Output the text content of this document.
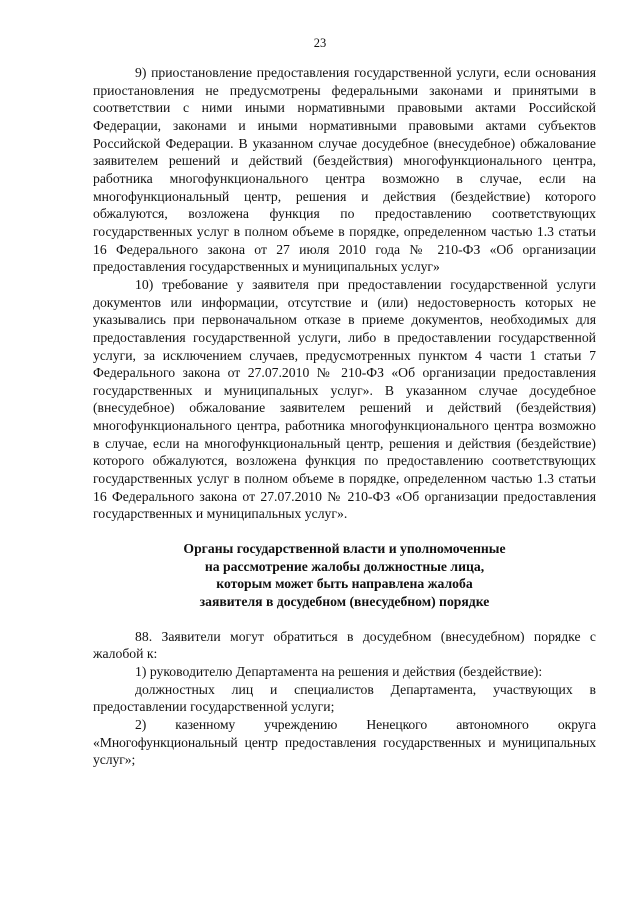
23

9) приостановление предоставления государственной услуги, если основания приостановления не предусмотрены федеральными законами и принятыми в соответствии с ними иными нормативными правовыми актами Российской Федерации, законами и иными нормативными правовыми актами субъектов Российской Федерации. В указанном случае досудебное (внесудебное) обжалование заявителем решений и действий (бездействия) многофункционального центра, работника многофункционального центра возможно в случае, если на многофункциональный центр, решения и действия (бездействие) которого обжалуются, возложена функция по предоставлению соответствующих государственных услуг в полном объеме в порядке, определенном частью 1.3 статьи 16 Федерального закона от 27 июля 2010 года № 210-ФЗ «Об организации предоставления государственных и муниципальных услуг»

10) требование у заявителя при предоставлении государственной услуги документов или информации, отсутствие и (или) недостоверность которых не указывались при первоначальном отказе в приеме документов, необходимых для предоставления государственной услуги, либо в предоставлении государственной услуги, за исключением случаев, предусмотренных пунктом 4 части 1 статьи 7 Федерального закона от 27.07.2010 № 210-ФЗ «Об организации предоставления государственных и муниципальных услуг». В указанном случае досудебное (внесудебное) обжалование заявителем решений и действий (бездействия) многофункционального центра, работника многофункционального центра возможно в случае, если на многофункциональный центр, решения и действия (бездействие) которого обжалуются, возложена функция по предоставлению соответствующих государственных услуг в полном объеме в порядке, определенном частью 1.3 статьи 16 Федерального закона от 27.07.2010 № 210-ФЗ «Об организации предоставления государственных и муниципальных услуг».

Органы государственной власти и уполномоченные
на рассмотрение жалобы должностные лица,
которым может быть направлена жалоба
заявителя в досудебном (внесудебном) порядке

88. Заявители могут обратиться в досудебном (внесудебном) порядке с жалобой к:

1) руководителю Департамента на решения и действия (бездействие):

должностных лиц и специалистов Департамента, участвующих в предоставлении государственной услуги;

2) казенному учреждению Ненецкого автономного округа «Многофункциональный центр предоставления государственных и муниципальных услуг»;
